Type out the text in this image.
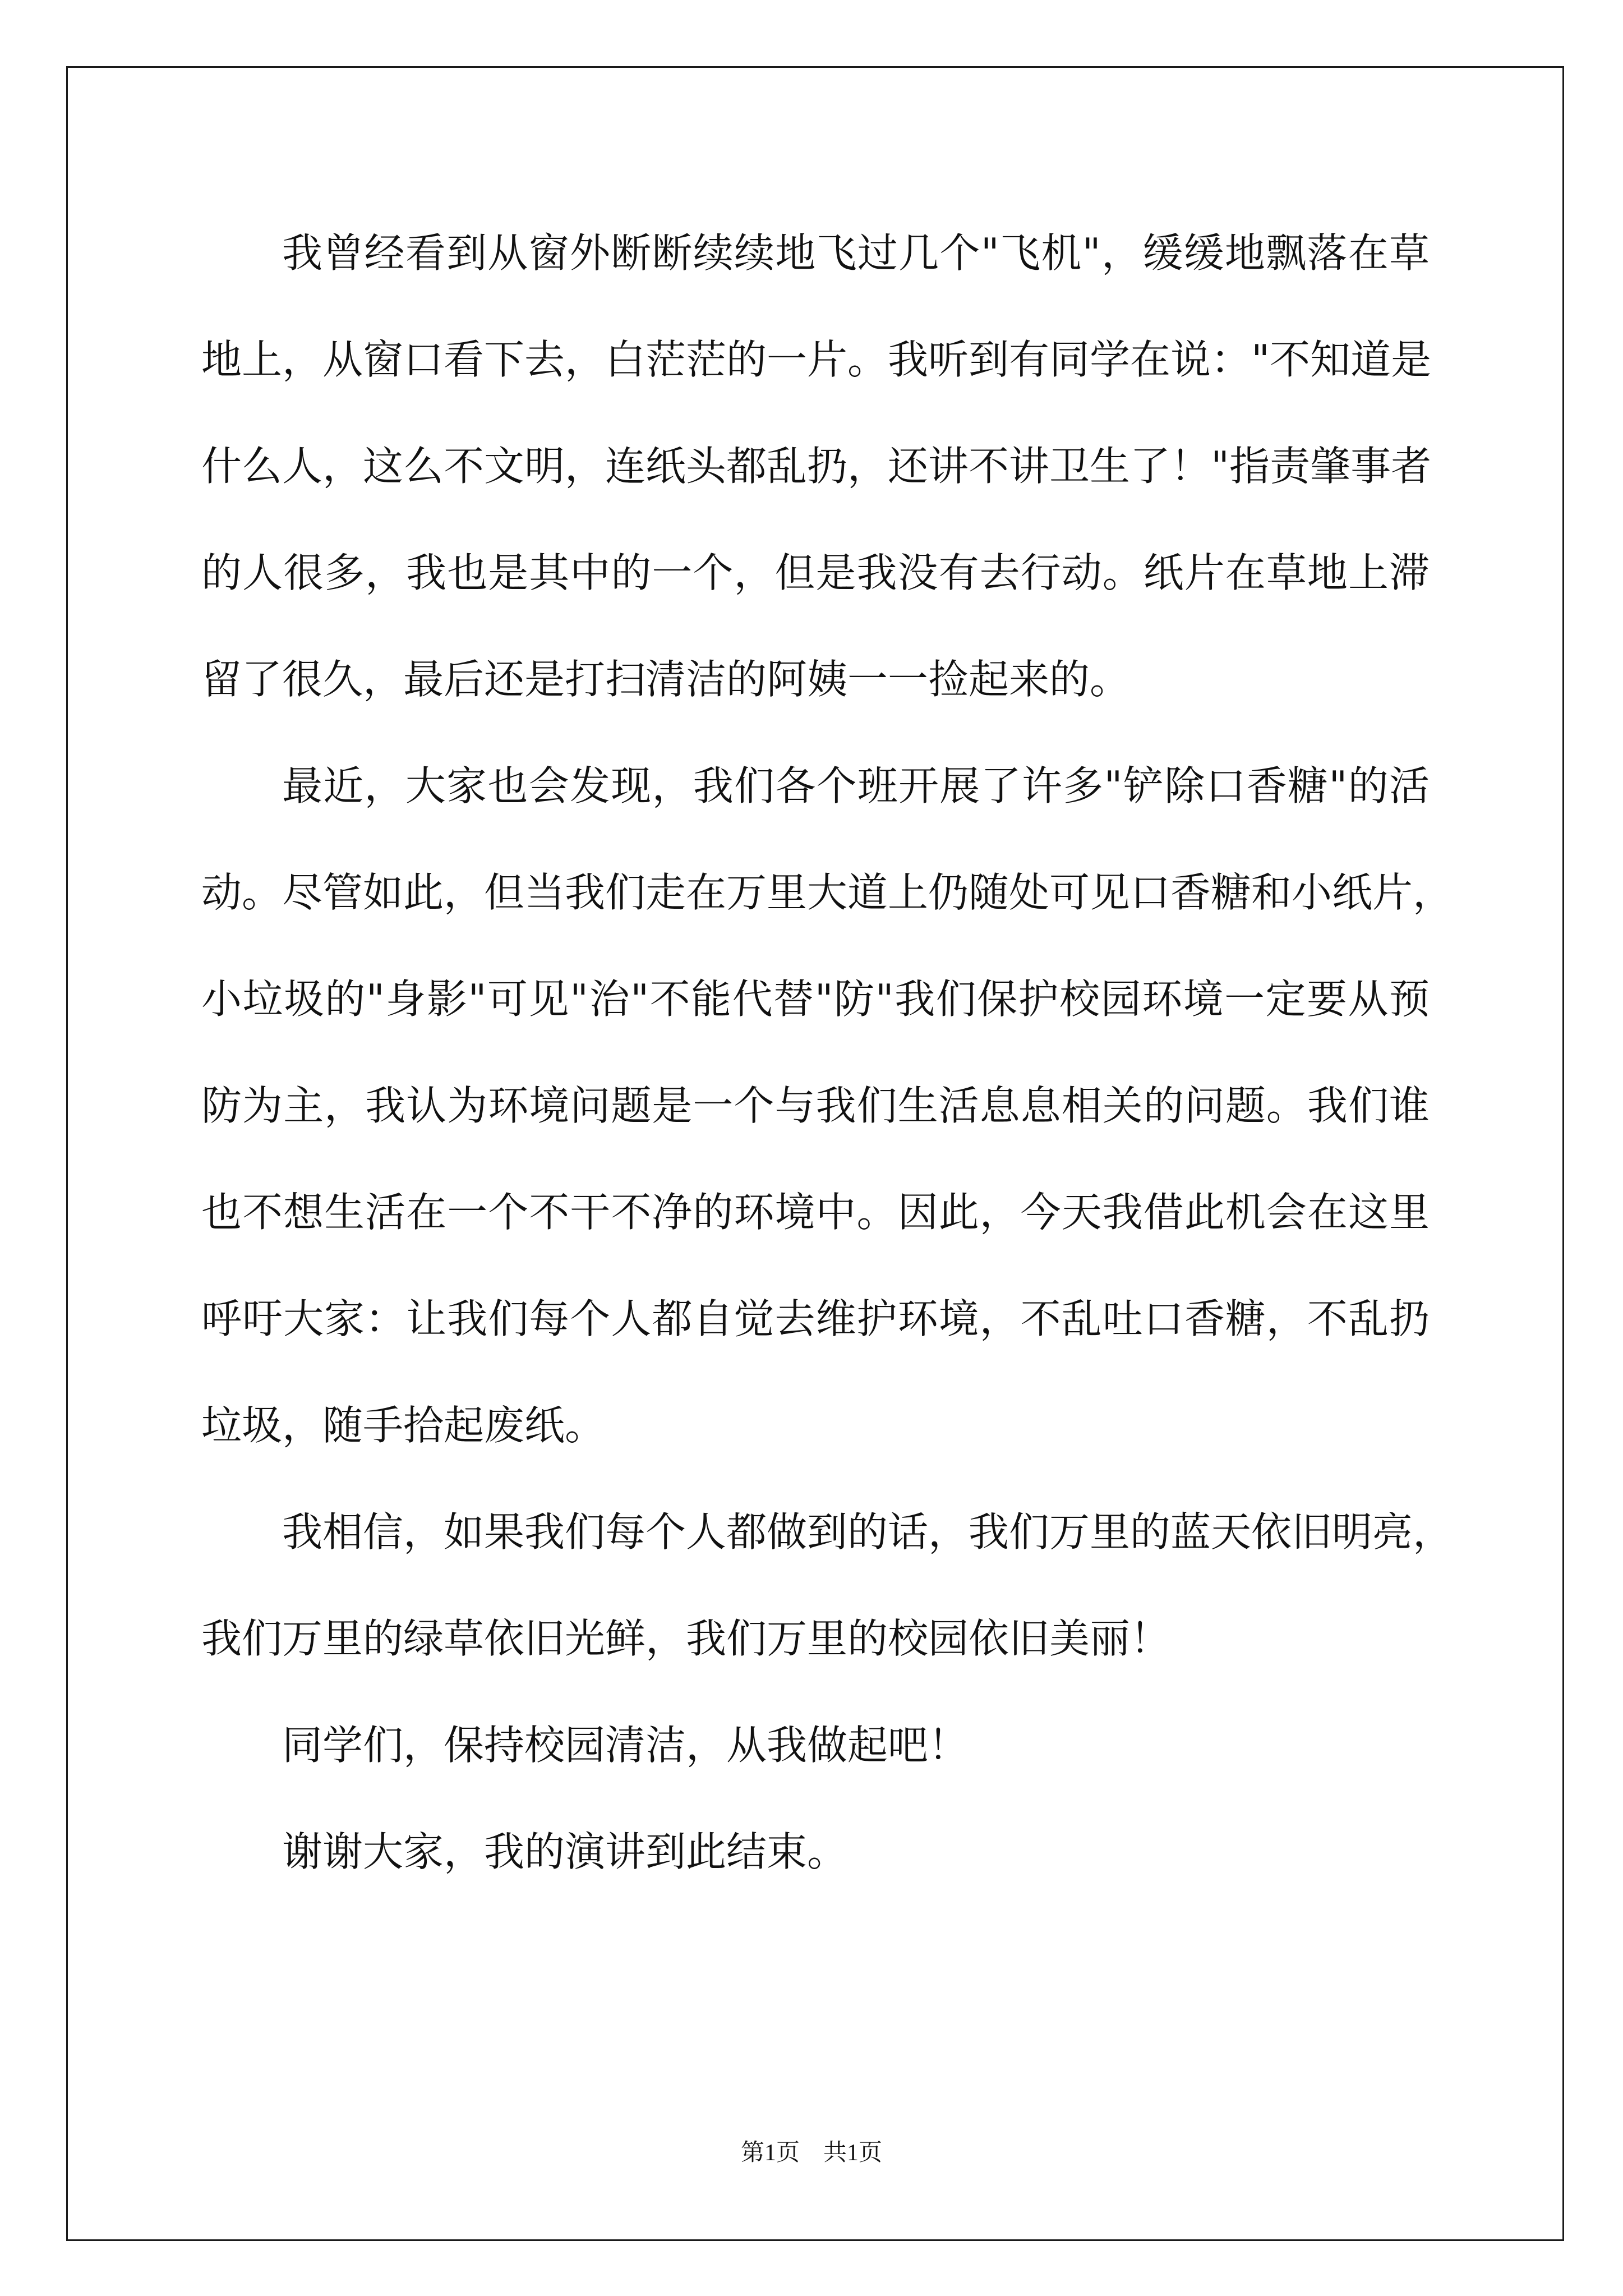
我曾经看到从窗外断断续续地飞过几个"飞机"，缓缓地飘落在草
地上，从窗口看下去，白茫茫的一片。我听到有同学在说："不知道是
什么人，这么不文明，连纸头都乱扔，还讲不讲卫生了！"指责肇事者
的人很多，我也是其中的一个，但是我没有去行动。纸片在草地上滞
留了很久，最后还是打扫清洁的阿姨一一捡起来的。
最近，大家也会发现，我们各个班开展了许多"铲除口香糖"的活
动。尽管如此，但当我们走在万里大道上仍随处可见口香糖和小纸片，
小垃圾的"身影"可见"治"不能代替"防"我们保护校园环境一定要从预
防为主，我认为环境问题是一个与我们生活息息相关的问题。我们谁
也不想生活在一个不干不净的环境中。因此，今天我借此机会在这里
呼吁大家：让我们每个人都自觉去维护环境，不乱吐口香糖，不乱扔
垃圾，随手拾起废纸。
我相信，如果我们每个人都做到的话，我们万里的蓝天依旧明亮，
我们万里的绿草依旧光鲜，我们万里的校园依旧美丽！
同学们，保持校园清洁，从我做起吧！
谢谢大家，我的演讲到此结束。
第1页　共1页
